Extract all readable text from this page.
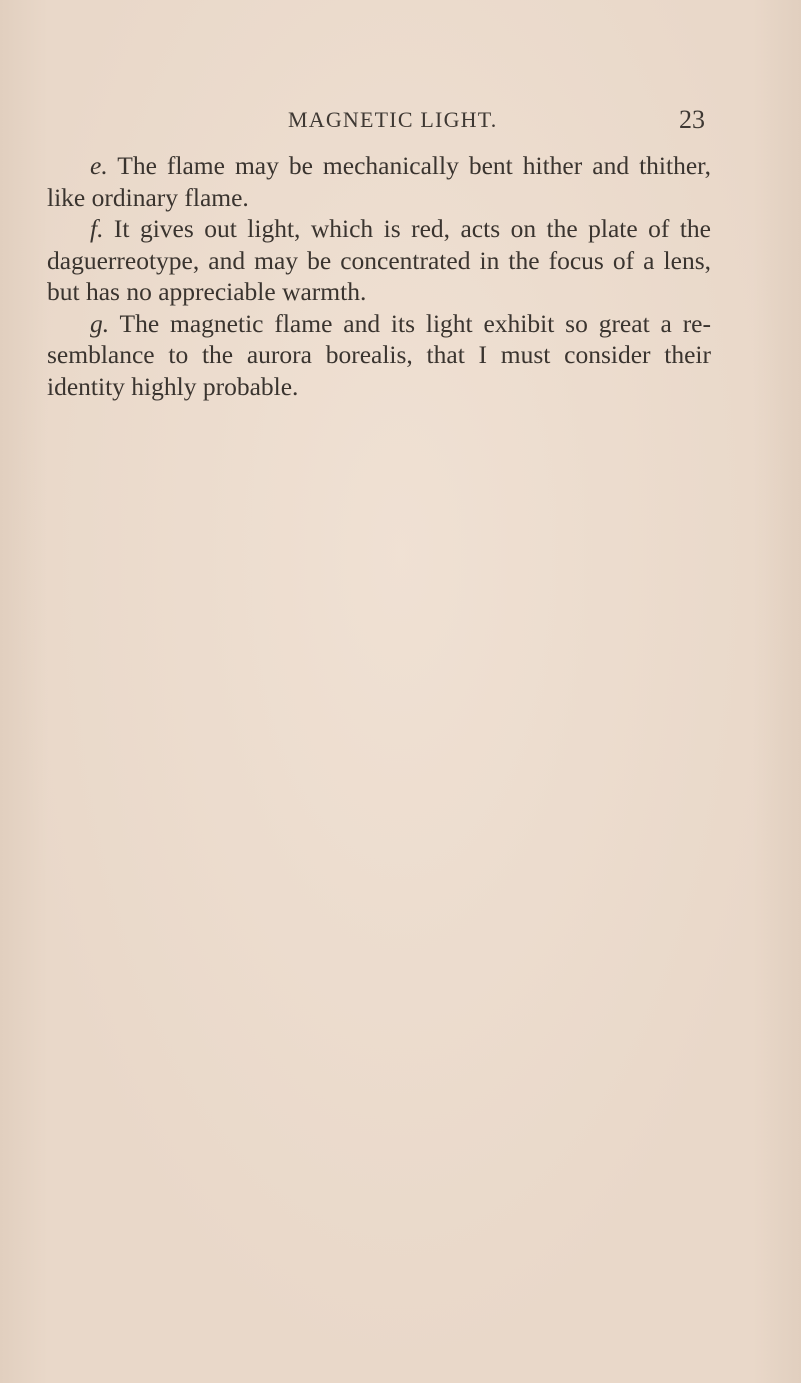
MAGNETIC LIGHT.	23

e. The flame may be mechanically bent hither and thither, like ordinary flame.

f. It gives out light, which is red, acts on the plate of the daguerreotype, and may be concentrated in the focus of a lens, but has no appreciable warmth.

g. The magnetic flame and its light exhibit so great a re-semblance to the aurora borealis, that I must consider their identity highly probable.
